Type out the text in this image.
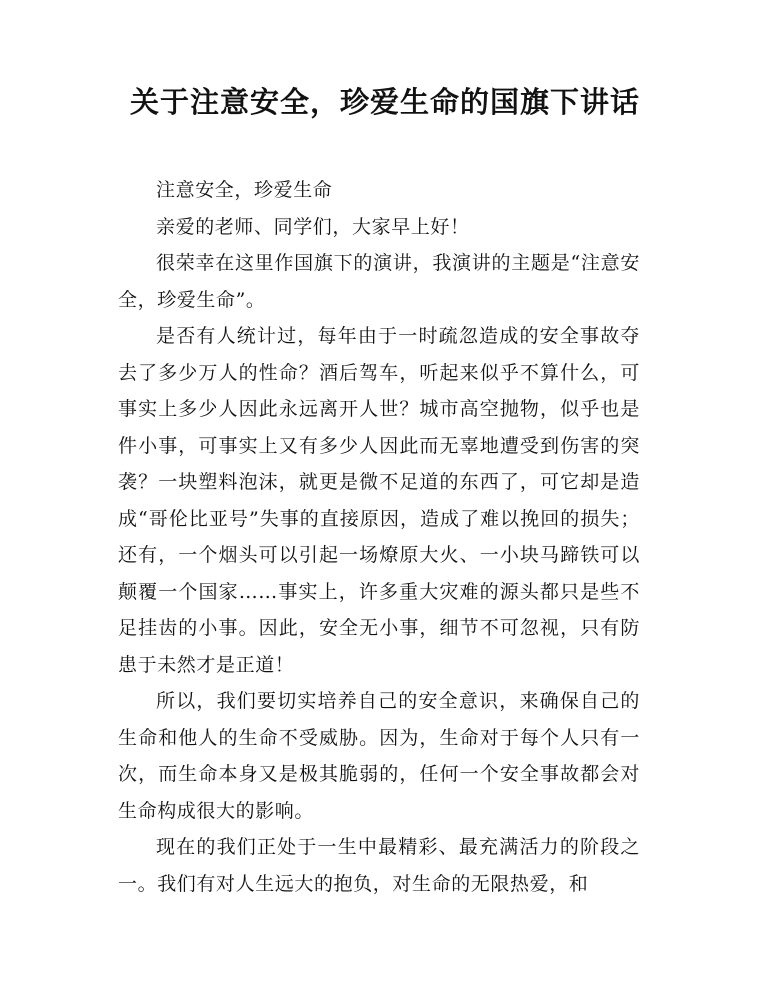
关于注意安全，珍爱生命的国旗下讲话

注意安全，珍爱生命

亲爱的老师、同学们，大家早上好！

很荣幸在这里作国旗下的演讲，我演讲的主题是“注意安全，珍爱生命”。

是否有人统计过，每年由于一时疏忽造成的安全事故夺去了多少万人的性命？酒后驾车，听起来似乎不算什么，可事实上多少人因此永远离开人世？城市高空抛物，似乎也是件小事，可事实上又有多少人因此而无辜地遭受到伤害的突袭？一块塑料泡沫，就更是微不足道的东西了，可它却是造成“哥伦比亚号”失事的直接原因，造成了难以挽回的损失；还有，一个烟头可以引起一场燎原大火、一小块马蹄铁可以颠覆一个国家……事实上，许多重大灾难的源头都只是些不足挂齿的小事。因此，安全无小事，细节不可忽视，只有防患于未然才是正道！

所以，我们要切实培养自己的安全意识，来确保自己的生命和他人的生命不受威胁。因为，生命对于每个人只有一次，而生命本身又是极其脆弱的，任何一个安全事故都会对生命构成很大的影响。

现在的我们正处于一生中最精彩、最充满活力的阶段之一。我们有对人生远大的抱负，对生命的无限热爱，和
